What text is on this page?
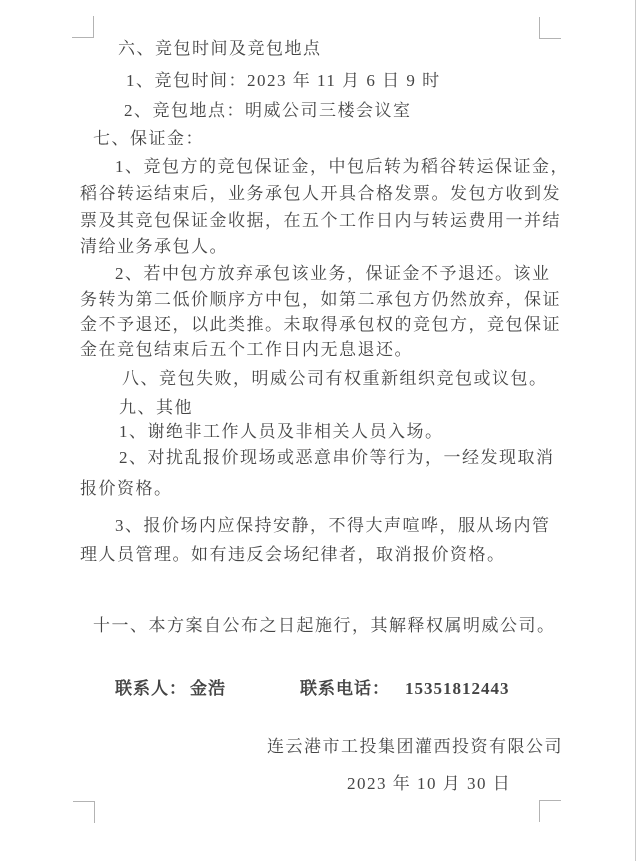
六、竞包时间及竞包地点
1、竞包时间：2023 年 11 月 6 日 9 时
2、竞包地点：明威公司三楼会议室
七、保证金：
1、竞包方的竞包保证金，中包后转为稻谷转运保证金，
稻谷转运结束后，业务承包人开具合格发票。发包方收到发
票及其竞包保证金收据，在五个工作日内与转运费用一并结
清给业务承包人。
2、若中包方放弃承包该业务，保证金不予退还。该业
务转为第二低价顺序方中包，如第二承包方仍然放弃，保证
金不予退还，以此类推。未取得承包权的竞包方，竞包保证
金在竞包结束后五个工作日内无息退还。
八、竞包失败，明威公司有权重新组织竞包或议包。
九、其他
1、谢绝非工作人员及非相关人员入场。
2、对扰乱报价现场或恶意串价等行为，一经发现取消
报价资格。
3、报价场内应保持安静，不得大声喧哗，服从场内管
理人员管理。如有违反会场纪律者，取消报价资格。
十一、本方案自公布之日起施行，其解释权属明威公司。
联系人： 金浩	联系电话： 15351812443
连云港市工投集团灌西投资有限公司
2023 年 10 月 30 日
